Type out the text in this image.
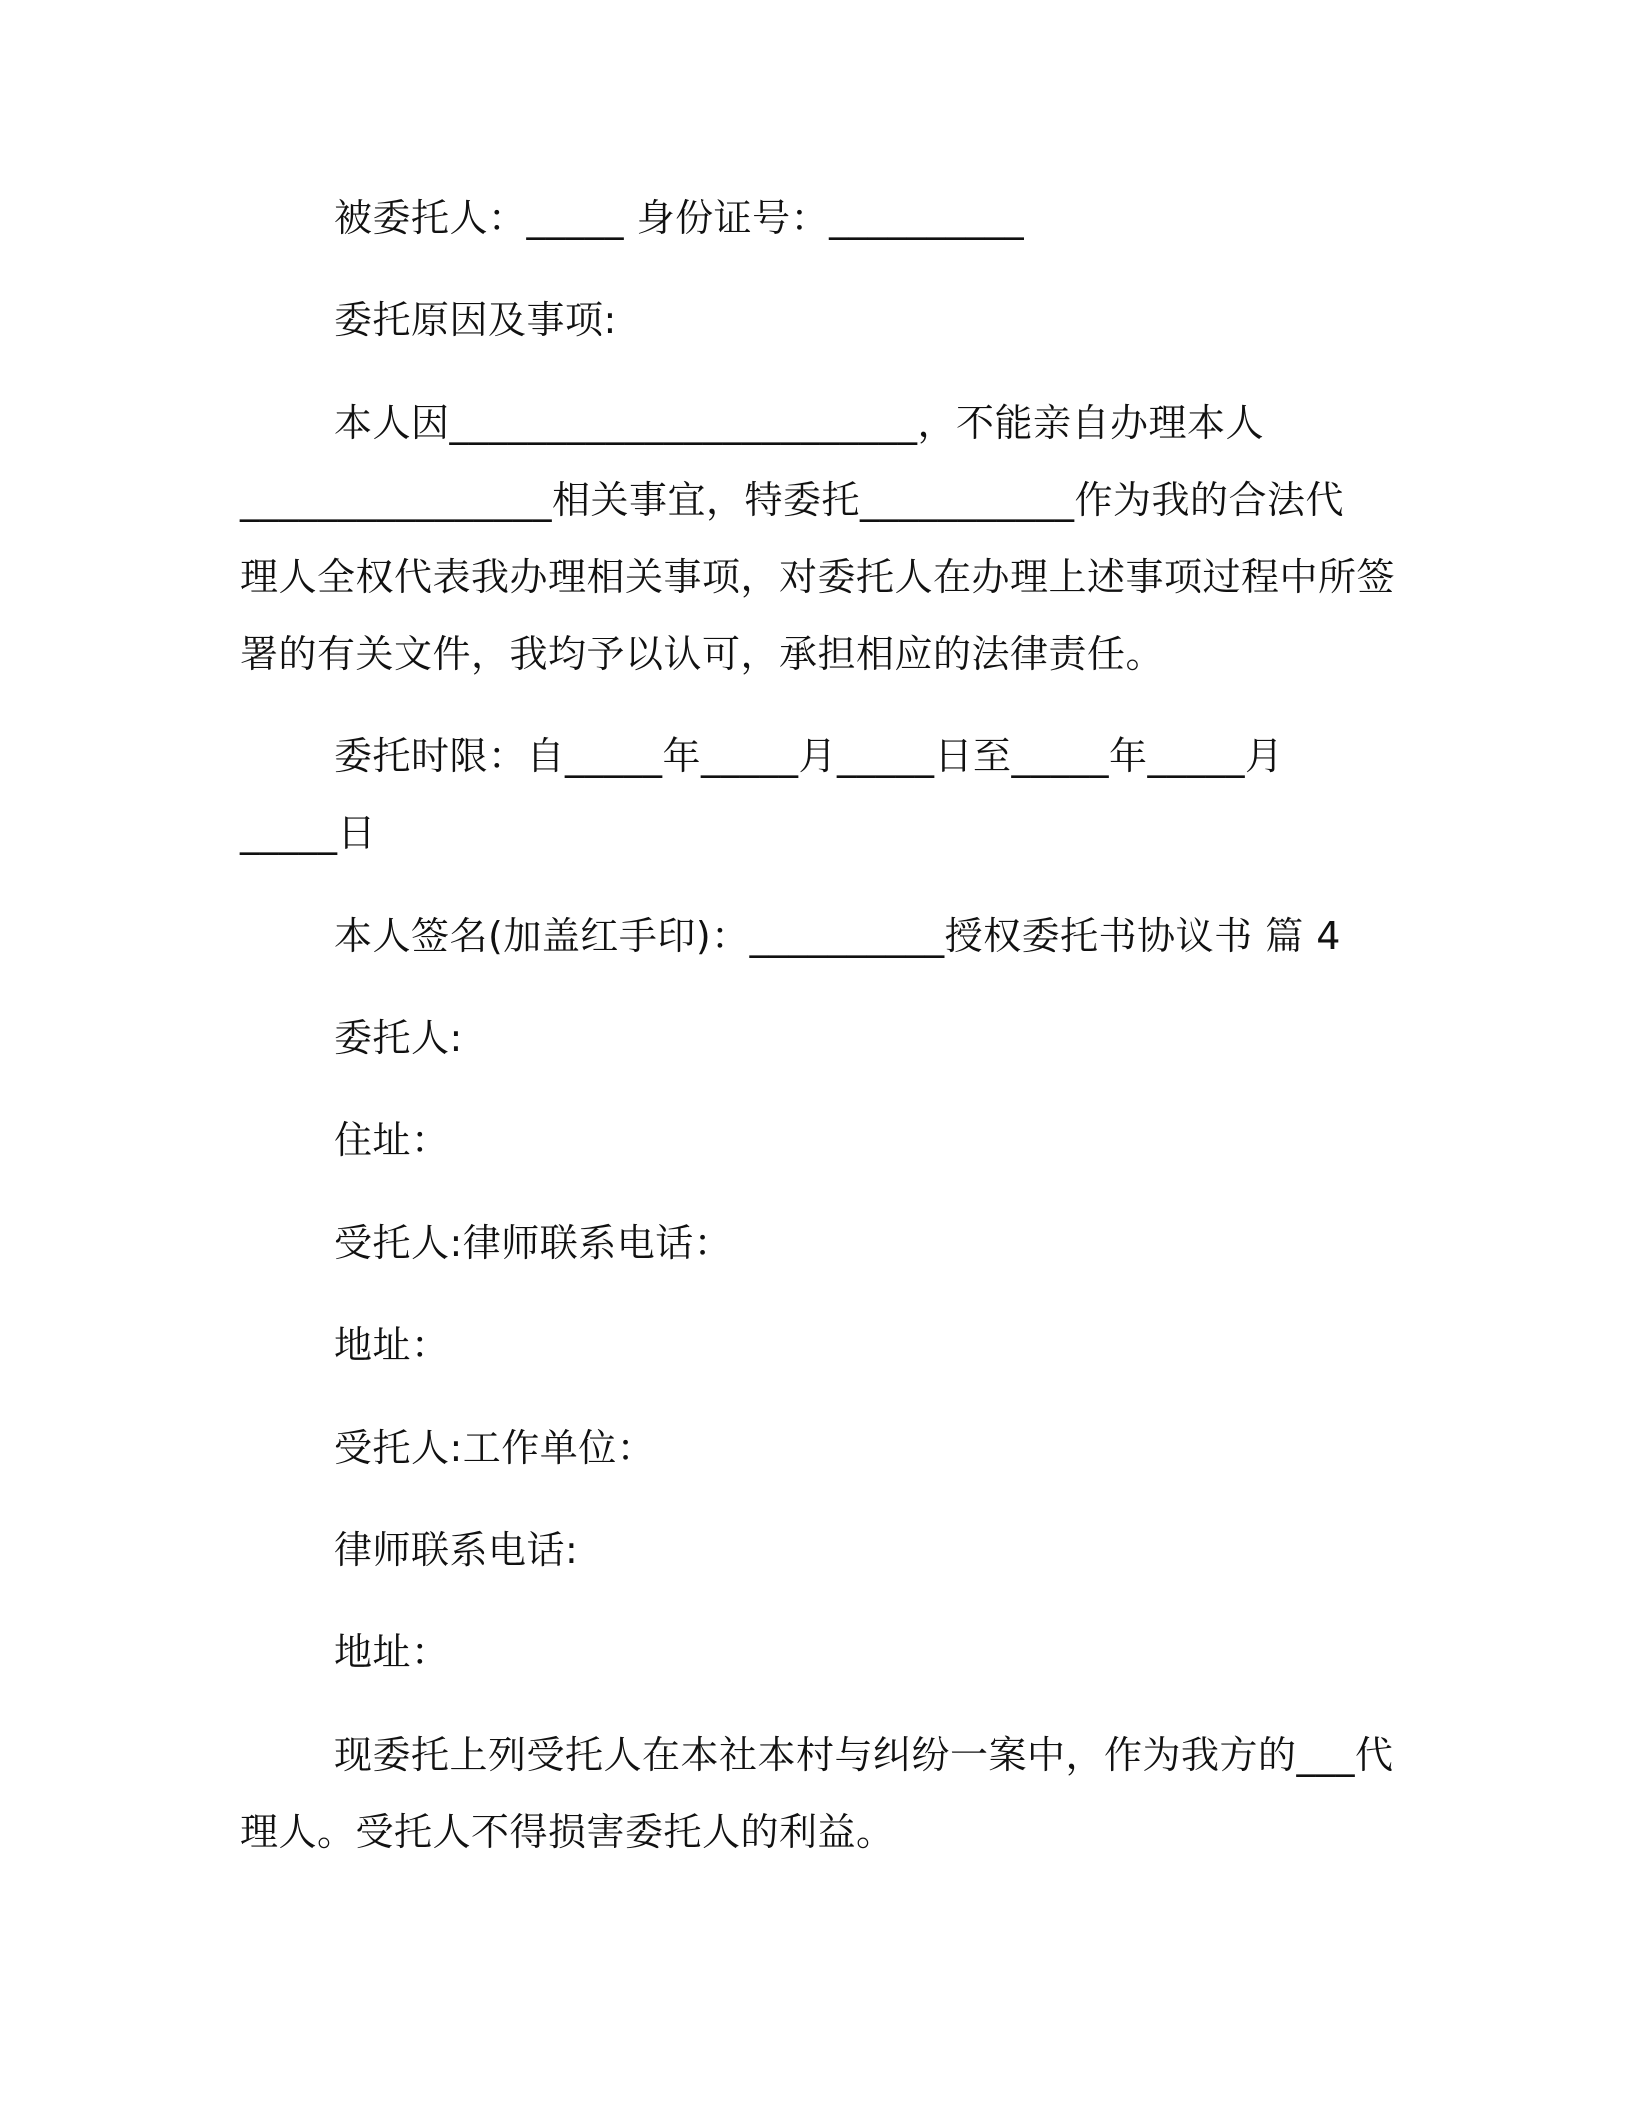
被委托人：_____ 身份证号：__________
委托原因及事项:
本人因________________________，不能亲自办理本人
________________相关事宜，特委托___________作为我的合法代
理人全权代表我办理相关事项，对委托人在办理上述事项过程中所签
署的有关文件，我均予以认可，承担相应的法律责任。
委托时限：自_____年_____月_____日至_____年_____月
_____日
本人签名(加盖红手印)：__________授权委托书协议书 篇 4
委托人:
住址：
受托人:律师联系电话：
地址：
受托人:工作单位：
律师联系电话:
地址：
现委托上列受托人在本社本村与纠纷一案中，作为我方的___代
理人。受托人不得损害委托人的利益。
